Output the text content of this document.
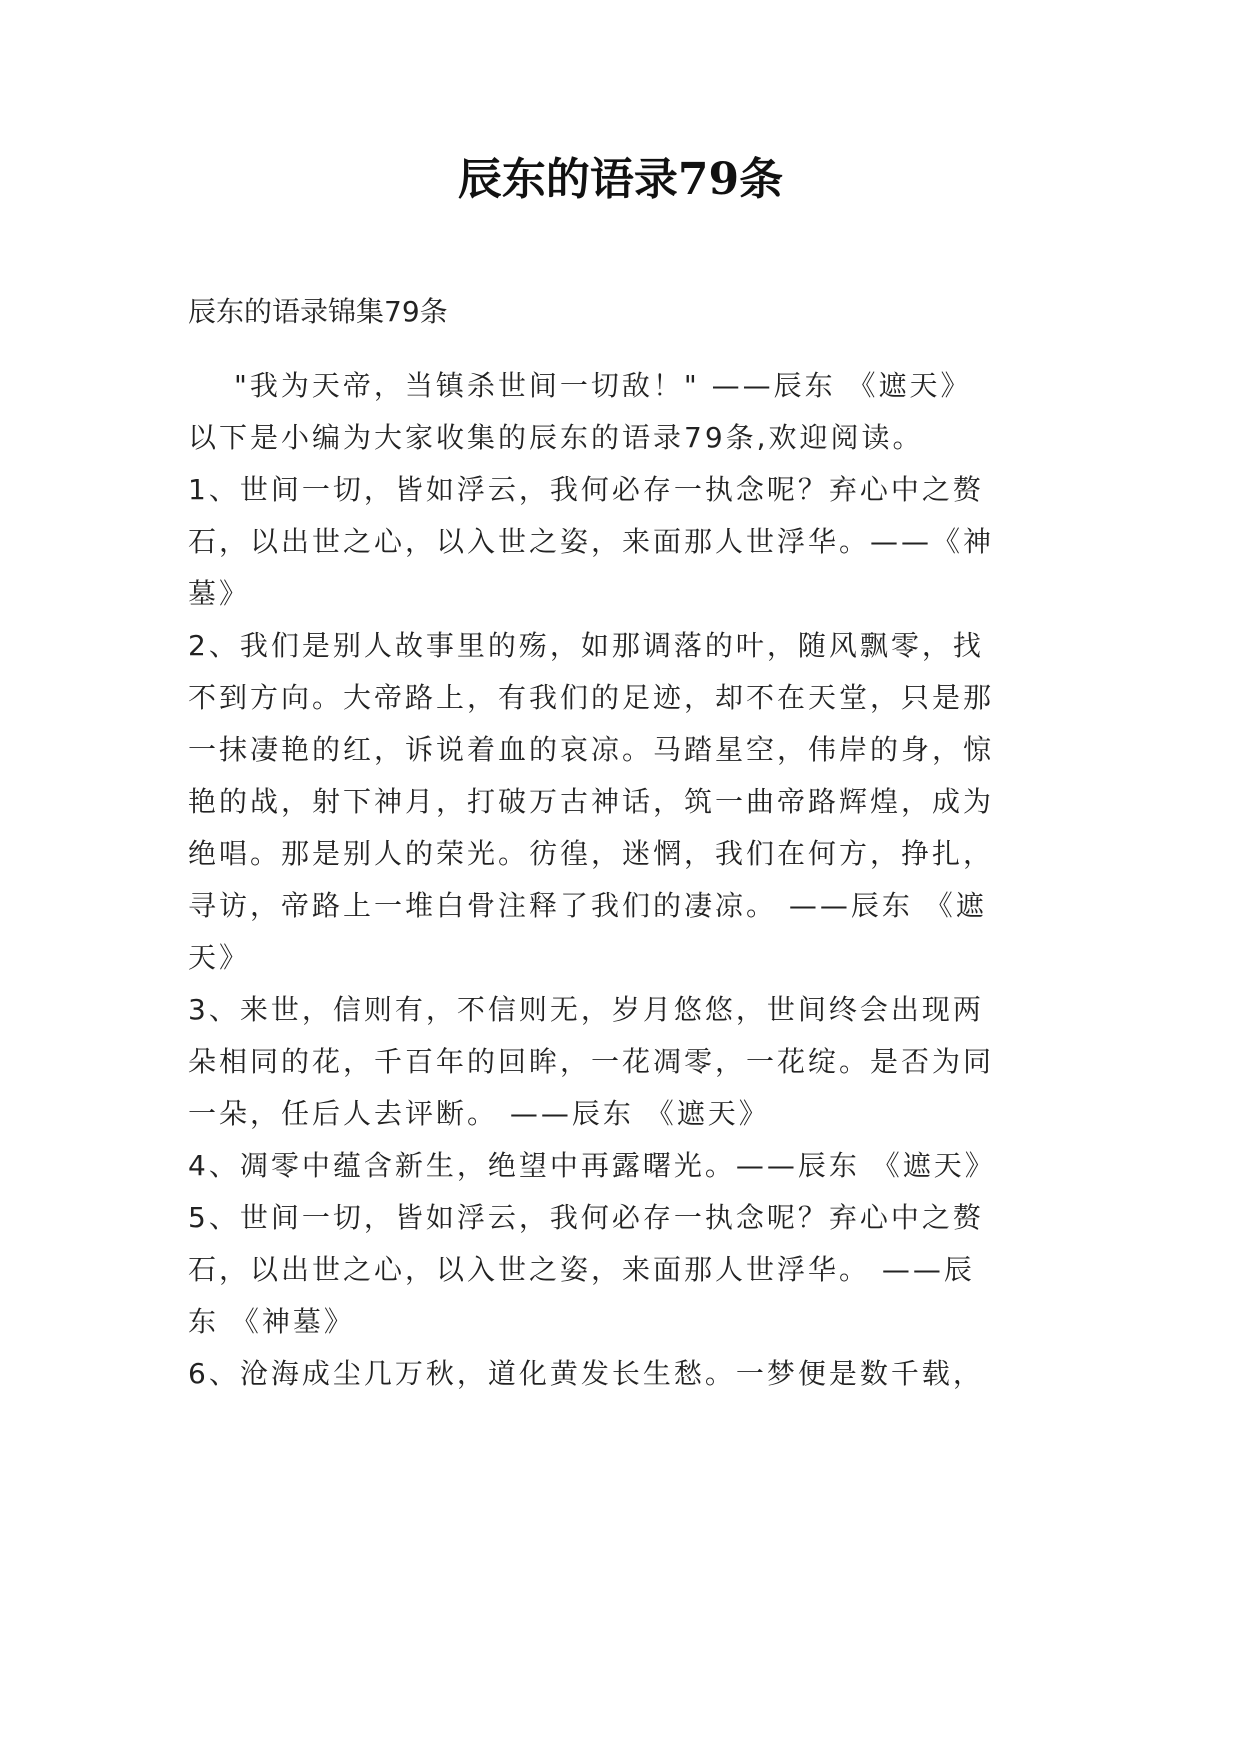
辰东的语录79条

辰东的语录锦集79条

"我为天帝，当镇杀世间一切敌！" ——辰东 《遮天》

以下是小编为大家收集的辰东的语录79条,欢迎阅读。

1、世间一切，皆如浮云，我何必存一执念呢？弃心中之赘

石，以出世之心，以入世之姿，来面那人世浮华。——《神

墓》

2、我们是别人故事里的殇，如那调落的叶，随风飘零，找

不到方向。大帝路上，有我们的足迹，却不在天堂，只是那

一抹凄艳的红，诉说着血的哀凉。马踏星空，伟岸的身，惊

艳的战，射下神月，打破万古神话，筑一曲帝路辉煌，成为

绝唱。那是别人的荣光。彷徨，迷惘，我们在何方，挣扎，

寻访，帝路上一堆白骨注释了我们的凄凉。 ——辰东 《遮

天》

3、来世，信则有，不信则无，岁月悠悠，世间终会出现两

朵相同的花，千百年的回眸，一花凋零，一花绽。是否为同

一朵，任后人去评断。 ——辰东 《遮天》

4、凋零中蕴含新生，绝望中再露曙光。——辰东 《遮天》

5、世间一切，皆如浮云，我何必存一执念呢？弃心中之赘

石，以出世之心，以入世之姿，来面那人世浮华。 ——辰

东 《神墓》

6、沧海成尘几万秋，道化黄发长生愁。一梦便是数千载，
